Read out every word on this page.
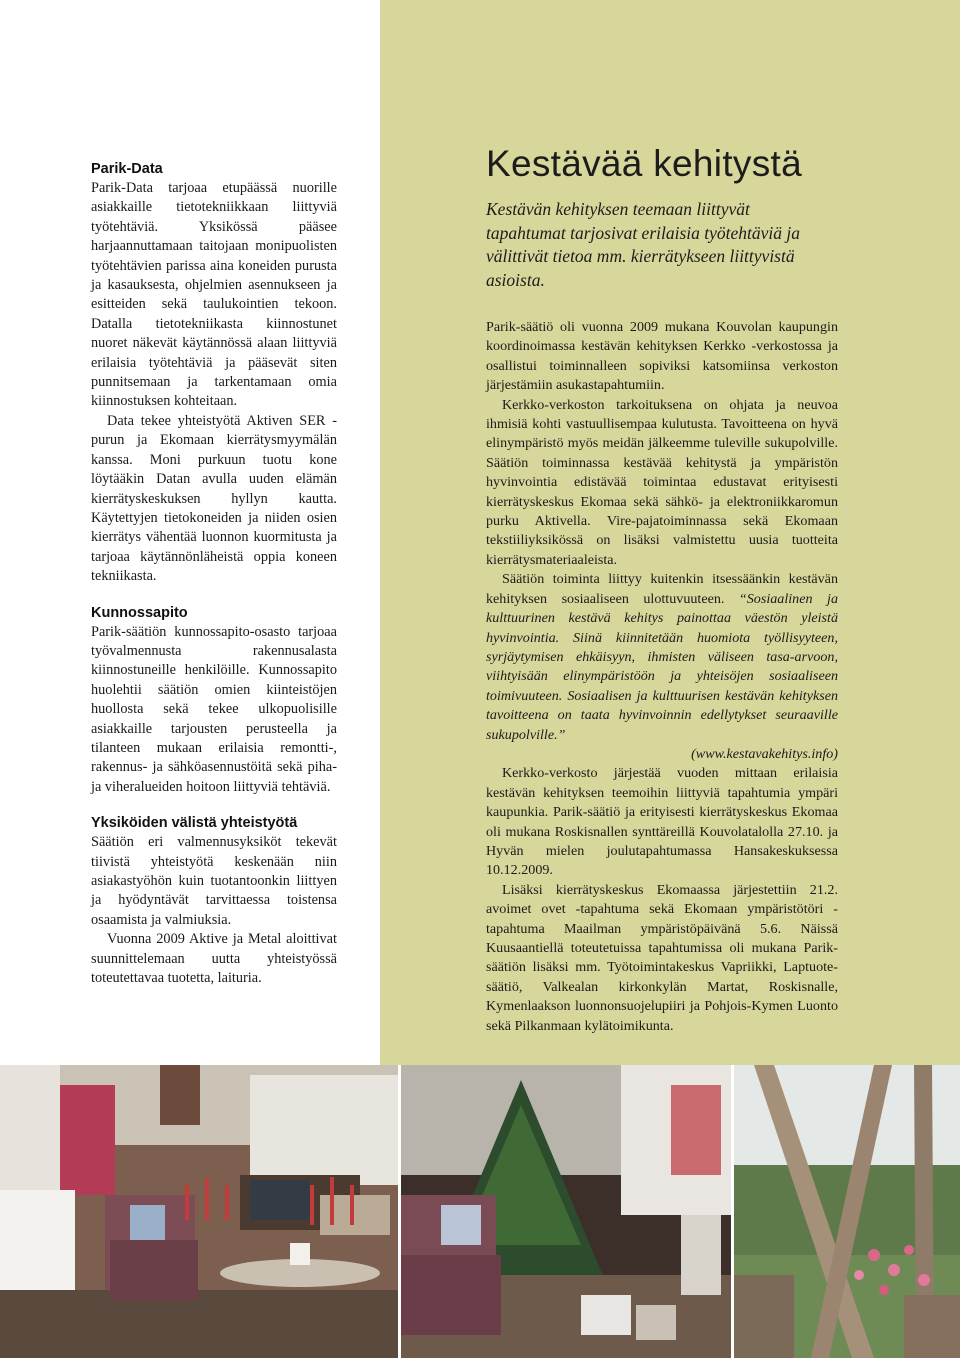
Parik-Data

Parik-Data tarjoaa etupäässä nuorille asiakkaille tietotekniikkaan liittyviä työtehtäviä. Yksikössä pääsee harjaannuttamaan taitojaan monipuolisten työtehtävien parissa aina koneiden purusta ja kasauksesta, ohjelmien asennukseen ja esitteiden sekä taulukointien tekoon. Datalla tietotekniikasta kiinnostunet nuoret näkevät käytännössä alaan liittyviä erilaisia työtehtäviä ja pääsevät siten punnitsemaan ja tarkentamaan omia kiinnostuksen kohteitaan.

Data tekee yhteistyötä Aktiven SER -purun ja Ekomaan kierrätysmyymälän kanssa. Moni purkuun tuotu kone löytääkin Datan avulla uuden elämän kierrätyskeskuksen hyllyn kautta. Käytettyjen tietokoneiden ja niiden osien kierrätys vähentää luonnon kuormitusta ja tarjoaa käytännönläheistä oppia koneen tekniikasta.

Kunnossapito

Parik-säätiön kunnossapito-osasto tarjoaa työvalmennusta rakennusalasta kiinnostuneille henkilöille. Kunnossapito huolehtii säätiön omien kiinteistöjen huollosta sekä tekee ulkopuolisille asiakkaille tarjousten perusteella ja tilanteen mukaan erilaisia remontti-, rakennus- ja sähköasennustöitä sekä piha- ja viheralueiden hoitoon liittyviä tehtäviä.

Yksiköiden välistä yhteistyötä

Säätiön eri valmennusyksiköt tekevät tiivistä yhteistyötä keskenään niin asiakastyöhön kuin tuotantoonkin liittyen ja hyödyntävät tarvittaessa toistensa osaamista ja valmiuksia.

Vuonna 2009 Aktive ja Metal aloittivat suunnittelemaan uutta yhteistyössä toteutettavaa tuotetta, laituria.

Kestävää kehitystä

Kestävän kehityksen teemaan liittyvät tapahtumat tarjosivat erilaisia työtehtäviä ja välittivät tietoa mm. kierrätykseen liittyvistä asioista.

Parik-säätiö oli vuonna 2009 mukana Kouvolan kaupungin koordinoimassa kestävän kehityksen Kerkko -verkostossa ja osallistui toiminnalleen sopiviksi katsomiinsa verkoston järjestämiin asukastapahtumiin.

Kerkko-verkoston tarkoituksena on ohjata ja neuvoa ihmisiä kohti vastuullisempaa kulutusta. Tavoitteena on hyvä elinympäristö myös meidän jälkeemme tuleville sukupolville. Säätiön toiminnassa kestävää kehitystä ja ympäristön hyvinvointia edistävää toimintaa edustavat erityisesti kierrätyskeskus Ekomaa sekä sähkö- ja elektroniikkaromun purku Aktivella. Vire-pajatoiminnassa sekä Ekomaan tekstiiliyksikössä on lisäksi valmistettu uusia tuotteita kierrätysmateriaaleista.

Säätiön toiminta liittyy kuitenkin itsessäänkin kestävän kehityksen sosiaaliseen ulottuvuuteen. “Sosiaalinen ja kulttuurinen kestävä kehitys painottaa väestön yleistä hyvinvointia. Siinä kiinnitetään huomiota työllisyyteen, syrjäytymisen ehkäisyyn, ihmisten väliseen tasa-arvoon, viihtyisään elinympäristöön ja yhteisöjen sosiaaliseen toimivuuteen. Sosiaalisen ja kulttuurisen kestävän kehityksen tavoitteena on taata hyvinvoinnin edellytykset seuraaville sukupolville.”

(www.kestavakehitys.info)

Kerkko-verkosto järjestää vuoden mittaan erilaisia kestävän kehityksen teemoihin liittyviä tapahtumia ympäri kaupunkia. Parik-säätiö ja erityisesti kierrätyskeskus Ekomaa oli mukana Roskisnallen synttäreillä Kouvolatalolla 27.10. ja Hyvän mielen joulutapahtumassa Hansakeskuksessa 10.12.2009.

Lisäksi kierrätyskeskus Ekomaassa järjestettiin 21.2. avoimet ovet -tapahtuma sekä Ekomaan ympäristötöri -tapahtuma Maailman ympäristöpäivänä 5.6. Näissä Kuusaantiellä toteutetuissa tapahtumissa oli mukana Parik-säätiön lisäksi mm. Työtoimintakeskus Vapriikki, Laptuote-säätiö, Valkealan kirkonkylän Martat, Roskisnalle, Kymenlaakson luonnonsuojelupiiri ja Pohjois-Kymen Luonto sekä Pilkanmaan kylätoimikunta.
